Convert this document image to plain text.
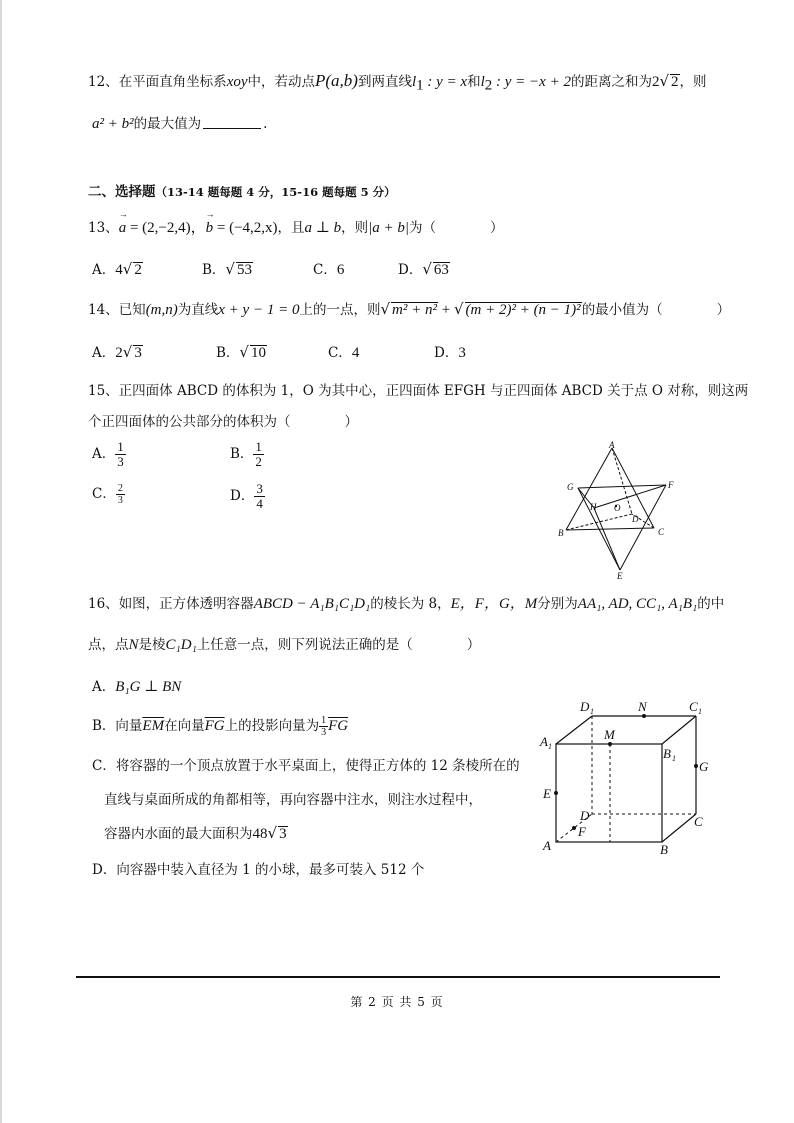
12、在平面直角坐标系xoy中，若动点P(a,b)到两直线$l_1$ : y = x和$l_2$ : y = −x + 2的距离之和为2√ 2，则
a² + b²的最大值为	.
二、选择题（13-14 题每题 4 分，15-16 题每题 5 分）
13、→ a = (2,−2,4)，→ b = (−4,2,x)，且a ⊥ b，则|a + b|为（　　　　）
A．4√ 2	B．√ 53	C．6	D．√ 63
14、已知(m,n)为直线x + y − 1 = 0上的一点，则√ m² + n² + √ (m + 2)² + (n − 1)²的最小值为（　　　　）
A．2√ 3	B．√ 10	C．4	D．3
15、正四面体 ABCD 的体积为 1，O 为其中心，正四面体 EFGH 与正四面体 ABCD 关于点 O 对称，则这两
个正四面体的公共部分的体积为（　　　　）
A． $\frac{1}{3}$	B． $\frac{1}{2}$
C． $\frac{2}{3}$	D． $\frac{3}{4}$
A
G	F
H O
D
B	C
E
16、如图，正方体透明容器ABCD − A₁B₁C₁D₁的棱长为 8，E，F，G，M分别为AA₁, AD, CC₁, A₁B₁的中
点，点N是棱C₁D₁上任意一点，则下列说法正确的是（　　　　）
A．B₁G ⊥ BN
B．向量$\overline{EM}$在向量$\overline{FG}$上的投影向量为 $\frac{1}{3} \overline{FG}$
C．将容器的一个顶点放置于水平桌面上，使得正方体的 12 条棱所在的
直线与桌面所成的角都相等，再向容器中注水，则注水过程中，
容器内水面的最大面积为48√ 3
D．向容器中装入直径为 1 的小球，最多可装入 512 个
D 1	N	C 1
A 1
M
B 1
G
E
D
F
C
A	B
第 2 页 共 5 页
